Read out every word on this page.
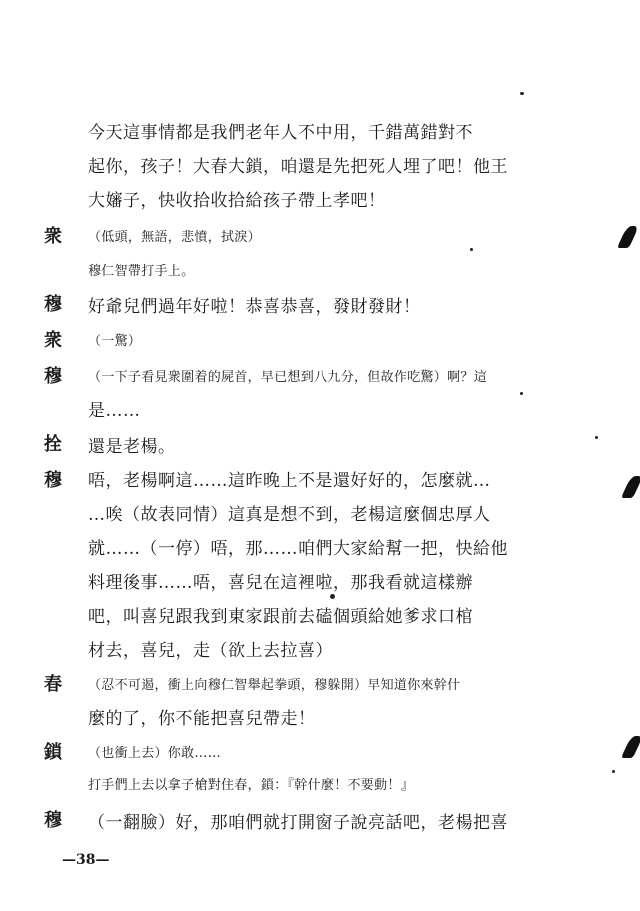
今天這事情都是我們老年人不中用，千錯萬錯對不
起你，孩子！大春大鎖，咱還是先把死人埋了吧！他王
大嬸子，快收拾收拾給孩子帶上孝吧！
衆 （低頭，無語，悲憤，拭淚）
穆仁智帶打手上。
穆 好爺兒們過年好啦！恭喜恭喜，發財發財！
衆 （一驚）
穆 （一下子看見衆圍着的屍首，早已想到八九分，但故作吃驚）啊？這
是……
拴 還是老楊。
穆 唔，老楊啊這……這昨晚上不是還好好的，怎麼就…
…唉（故表同情）這真是想不到，老楊這麼個忠厚人
就……（一停）唔，那……咱們大家給幫一把，快給他
料理後事……唔，喜兒在這裡啦，那我看就這樣辦
吧，叫喜兒跟我到東家跟前去磕個頭給她爹求口棺
材去，喜兒，走（欲上去拉喜）
春 （忍不可遏，衝上向穆仁智舉起拳頭，穆躲開）早知道你來幹什
麼的了，你不能把喜兒帶走！
鎖 （也衝上去）你敢……
打手們上去以拿子槍對住春，鎖：『幹什麼！不要動！』
穆 （一翻臉）好，那咱們就打開窗子說亮話吧，老楊把喜
—38—
